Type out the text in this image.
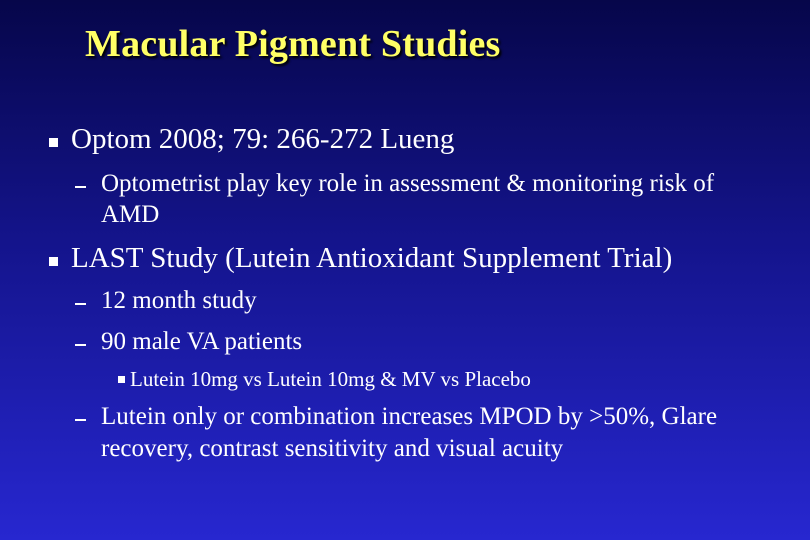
Macular Pigment Studies
Optom 2008; 79: 266-272 Lueng
Optometrist play key role in assessment & monitoring risk of
AMD
LAST Study (Lutein Antioxidant Supplement Trial)
12 month study
90 male VA patients
Lutein 10mg vs Lutein 10mg & MV vs Placebo
Lutein only or combination increases MPOD by >50%, Glare
recovery, contrast sensitivity and visual acuity
